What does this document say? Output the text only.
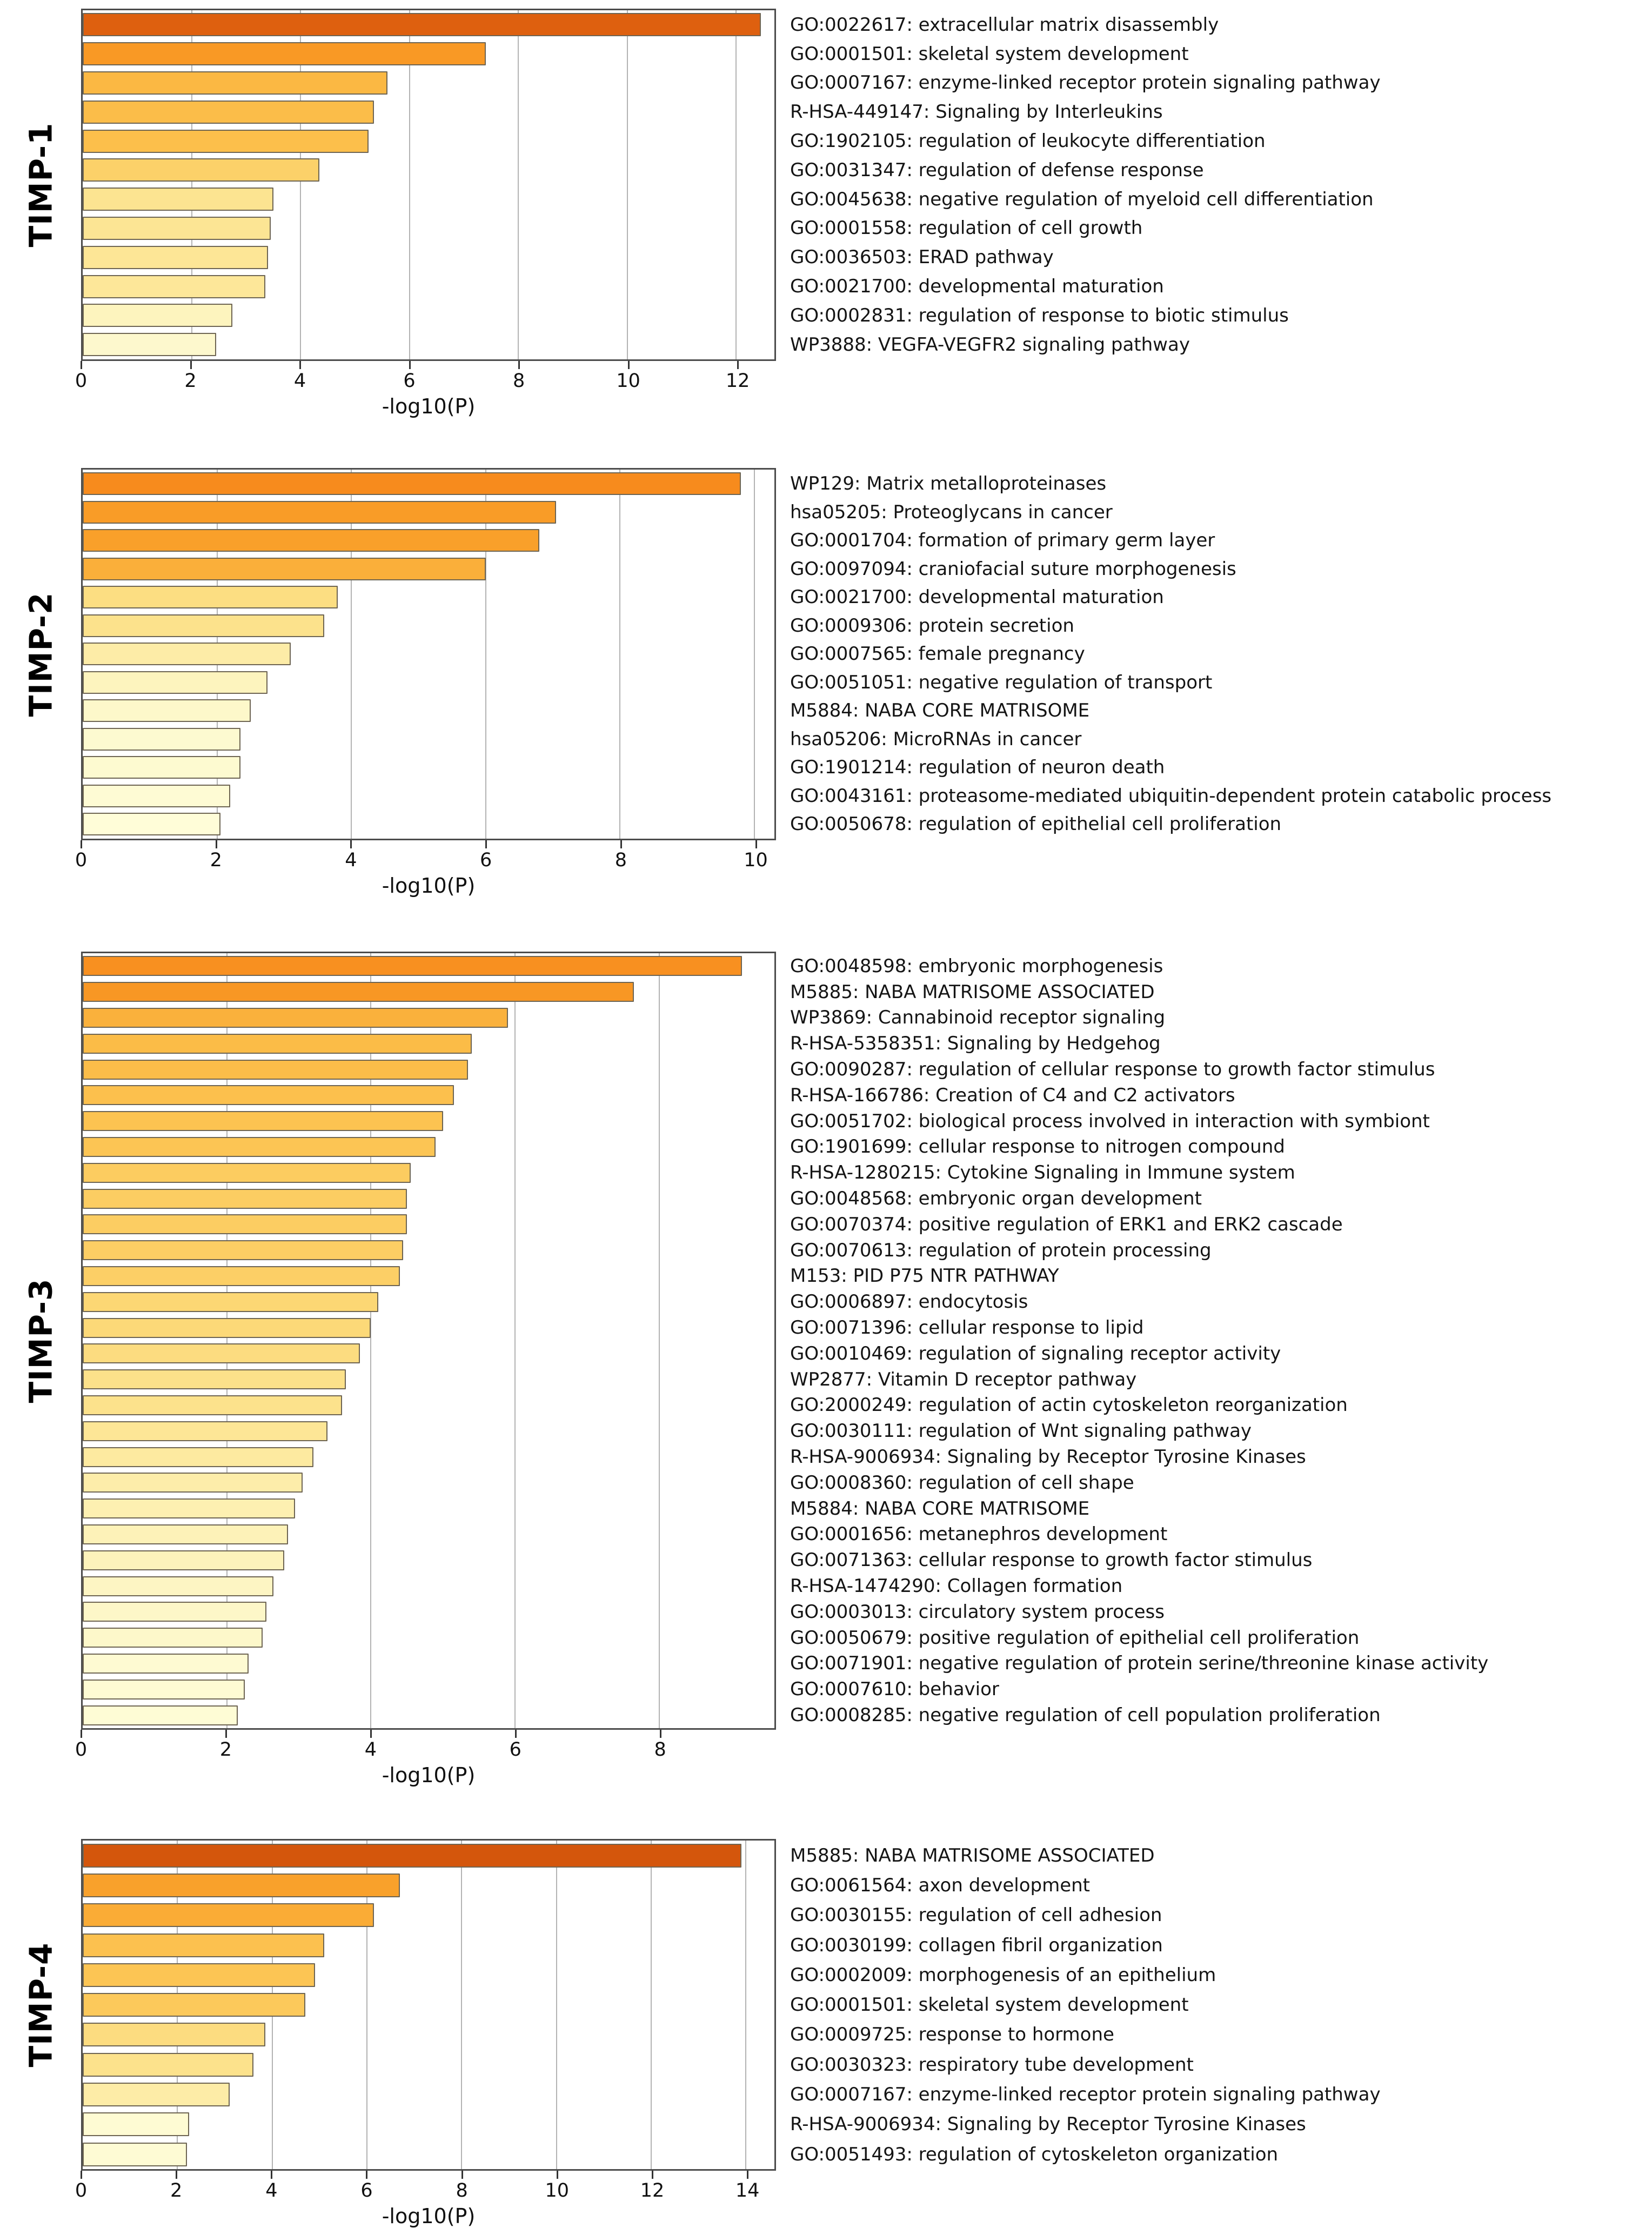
TIMP-1
0	2	4	6	8	10	12
-log10(P)
GO:0022617: extracellular matrix disassembly
GO:0001501: skeletal system development
GO:0007167: enzyme-linked receptor protein signaling pathway
R-HSA-449147: Signaling by Interleukins
GO:1902105: regulation of leukocyte differentiation
GO:0031347: regulation of defense response
GO:0045638: negative regulation of myeloid cell differentiation
GO:0001558: regulation of cell growth
GO:0036503: ERAD pathway
GO:0021700: developmental maturation
GO:0002831: regulation of response to biotic stimulus
WP3888: VEGFA-VEGFR2 signaling pathway
TIMP-2
0	2	4	6	8	10
-log10(P)
WP129: Matrix metalloproteinases
hsa05205: Proteoglycans in cancer
GO:0001704: formation of primary germ layer
GO:0097094: craniofacial suture morphogenesis
GO:0021700: developmental maturation
GO:0009306: protein secretion
GO:0007565: female pregnancy
GO:0051051: negative regulation of transport
M5884: NABA CORE MATRISOME
hsa05206: MicroRNAs in cancer
GO:1901214: regulation of neuron death
GO:0043161: proteasome-mediated ubiquitin-dependent protein catabolic process
GO:0050678: regulation of epithelial cell proliferation
TIMP-3
0	2	4	6	8
-log10(P)
GO:0048598: embryonic morphogenesis
M5885: NABA MATRISOME ASSOCIATED
WP3869: Cannabinoid receptor signaling
R-HSA-5358351: Signaling by Hedgehog
GO:0090287: regulation of cellular response to growth factor stimulus
R-HSA-166786: Creation of C4 and C2 activators
GO:0051702: biological process involved in interaction with symbiont
GO:1901699: cellular response to nitrogen compound
R-HSA-1280215: Cytokine Signaling in Immune system
GO:0048568: embryonic organ development
GO:0070374: positive regulation of ERK1 and ERK2 cascade
GO:0070613: regulation of protein processing
M153: PID P75 NTR PATHWAY
GO:0006897: endocytosis
GO:0071396: cellular response to lipid
GO:0010469: regulation of signaling receptor activity
WP2877: Vitamin D receptor pathway
GO:2000249: regulation of actin cytoskeleton reorganization
GO:0030111: regulation of Wnt signaling pathway
R-HSA-9006934: Signaling by Receptor Tyrosine Kinases
GO:0008360: regulation of cell shape
M5884: NABA CORE MATRISOME
GO:0001656: metanephros development
GO:0071363: cellular response to growth factor stimulus
R-HSA-1474290: Collagen formation
GO:0003013: circulatory system process
GO:0050679: positive regulation of epithelial cell proliferation
GO:0071901: negative regulation of protein serine/threonine kinase activity
GO:0007610: behavior
GO:0008285: negative regulation of cell population proliferation
TIMP-4
0	2	4	6	8	10	12	14
-log10(P)
M5885: NABA MATRISOME ASSOCIATED
GO:0061564: axon development
GO:0030155: regulation of cell adhesion
GO:0030199: collagen fibril organization
GO:0002009: morphogenesis of an epithelium
GO:0001501: skeletal system development
GO:0009725: response to hormone
GO:0030323: respiratory tube development
GO:0007167: enzyme-linked receptor protein signaling pathway
R-HSA-9006934: Signaling by Receptor Tyrosine Kinases
GO:0051493: regulation of cytoskeleton organization
